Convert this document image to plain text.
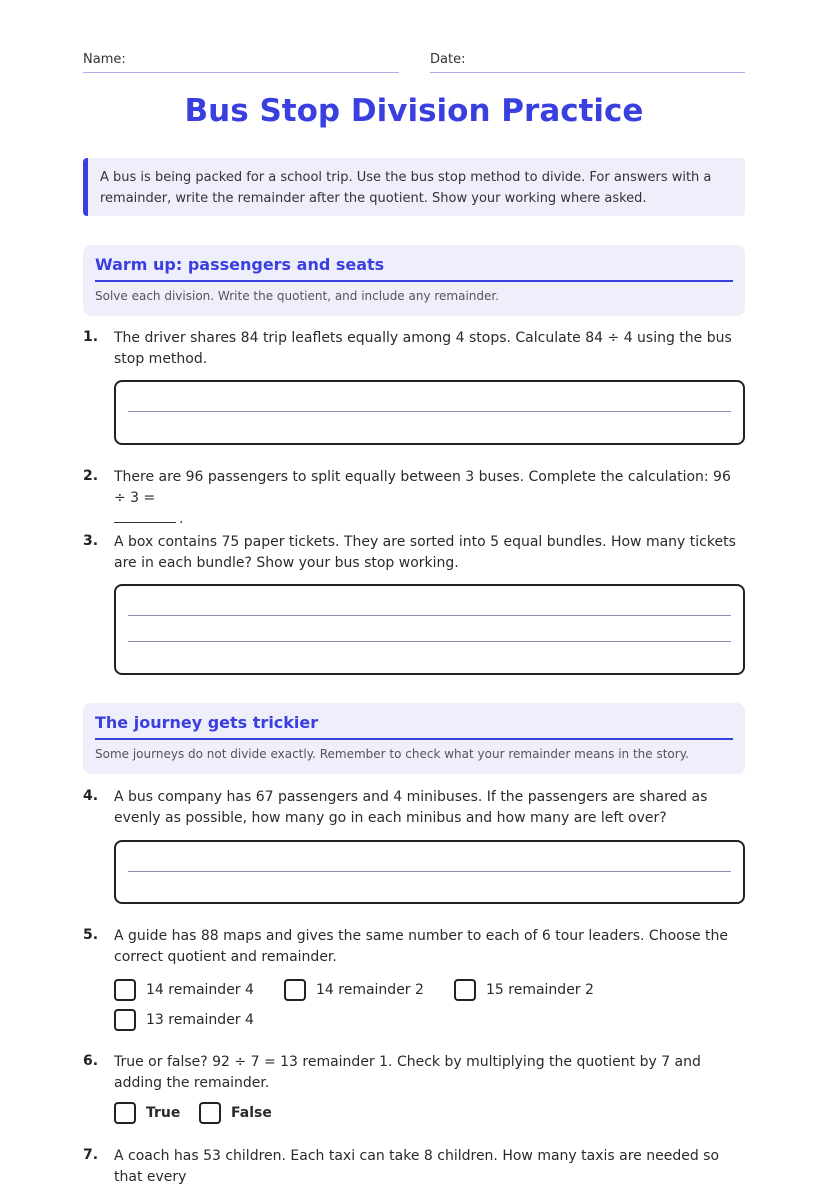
Name:	Date:
Bus Stop Division Practice
A bus is being packed for a school trip. Use the bus stop method to divide. For answers with a remainder, write the remainder after the quotient. Show your working where asked.
Warm up: passengers and seats

Solve each division. Write the quotient, and include any remainder.

1. The driver shares 84 trip leaflets equally among 4 stops. Calculate 84 ÷ 4 using the bus stop method.
2. There are 96 passengers to split equally between 3 buses. Complete the calculation: 96 ÷ 3 =
.
3. A box contains 75 paper tickets. They are sorted into 5 equal bundles. How many tickets are in each bundle? Show your bus stop working.
The journey gets trickier

Some journeys do not divide exactly. Remember to check what your remainder means in the story.

4. A bus company has 67 passengers and 4 minibuses. If the passengers are shared as evenly as possible, how many go in each minibus and how many are left over?
5. A guide has 88 maps and gives the same number to each of 6 tour leaders. Choose the correct quotient and remainder.
14 remainder 4	14 remainder 2	15 remainder 2
13 remainder 4
6. True or false? 92 ÷ 7 = 13 remainder 1. Check by multiplying the quotient by 7 and adding the remainder.
True	False
7. A coach has 53 children. Each taxi can take 8 children. How many taxis are needed so that every
